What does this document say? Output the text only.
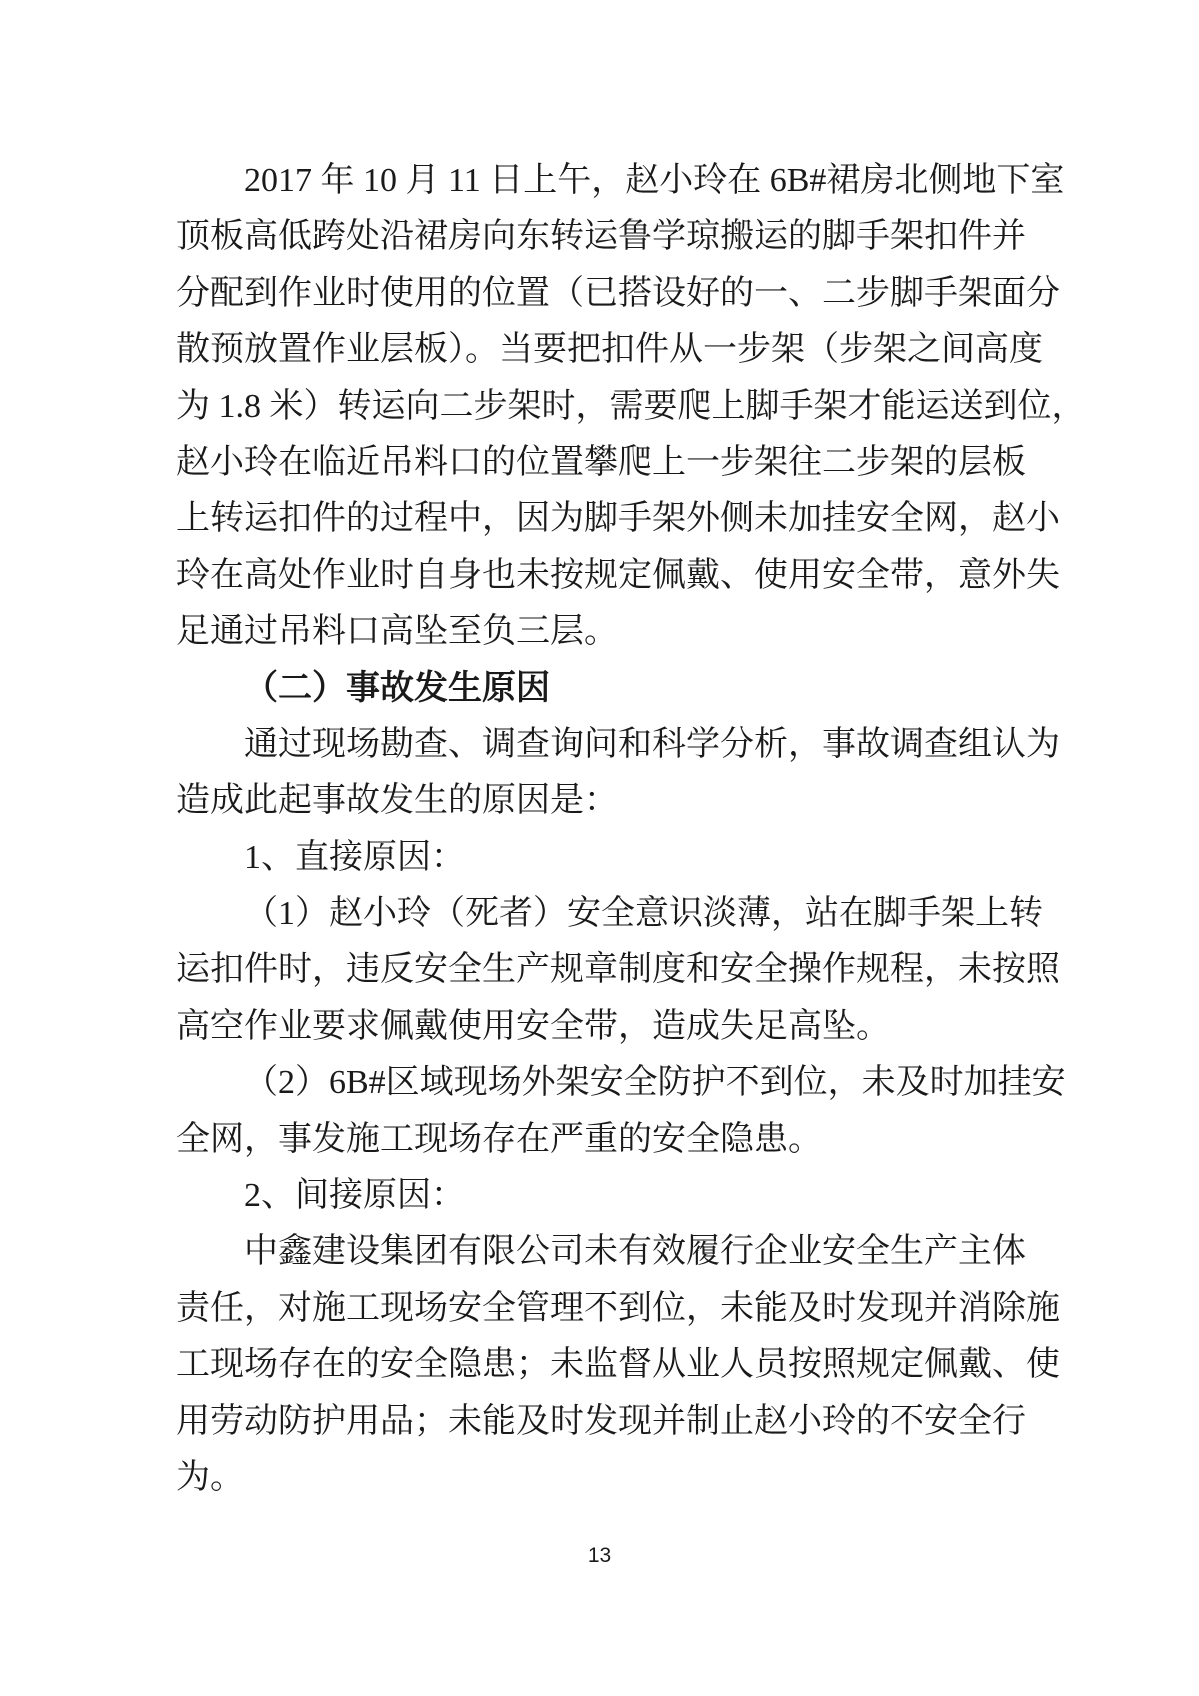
2017 年 10 月 11 日上午，赵小玲在 6B#裙房北侧地下室
顶板高低跨处沿裙房向东转运鲁学琼搬运的脚手架扣件并
分配到作业时使用的位置（已搭设好的一、二步脚手架面分
散预放置作业层板）。当要把扣件从一步架（步架之间高度
为 1.8 米）转运向二步架时，需要爬上脚手架才能运送到位，
赵小玲在临近吊料口的位置攀爬上一步架往二步架的层板
上转运扣件的过程中，因为脚手架外侧未加挂安全网，赵小
玲在高处作业时自身也未按规定佩戴、使用安全带，意外失
足通过吊料口高坠至负三层。
（二）事故发生原因
通过现场勘查、调查询问和科学分析，事故调查组认为
造成此起事故发生的原因是：
1、直接原因：
（1）赵小玲（死者）安全意识淡薄，站在脚手架上转
运扣件时，违反安全生产规章制度和安全操作规程，未按照
高空作业要求佩戴使用安全带，造成失足高坠。
（2）6B#区域现场外架安全防护不到位，未及时加挂安
全网，事发施工现场存在严重的安全隐患。
2、间接原因：
中鑫建设集团有限公司未有效履行企业安全生产主体
责任，对施工现场安全管理不到位，未能及时发现并消除施
工现场存在的安全隐患；未监督从业人员按照规定佩戴、使
用劳动防护用品；未能及时发现并制止赵小玲的不安全行
为。
13
